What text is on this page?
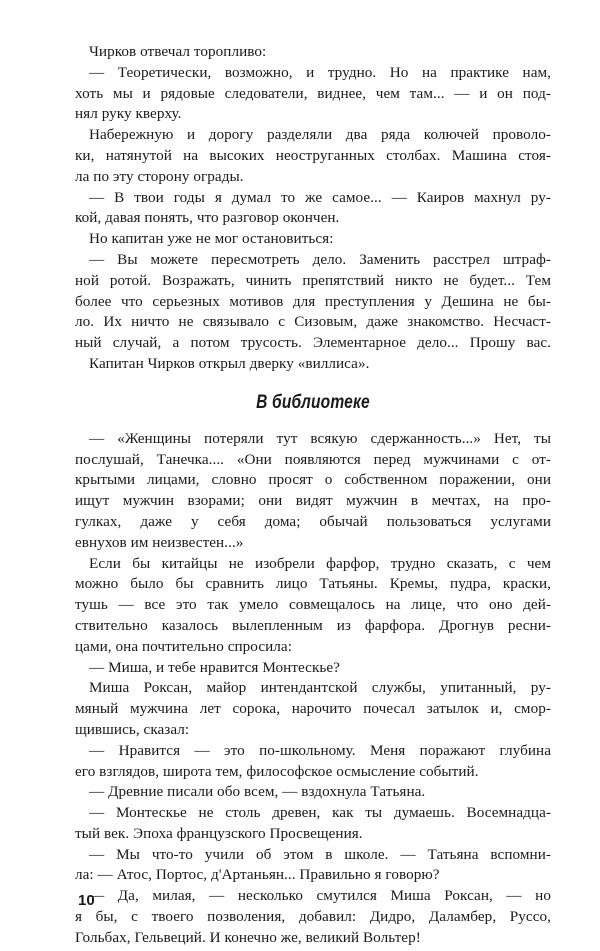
Чирков отвечал торопливо:
— Теоретически, возможно, и трудно. Но на практике нам,
хоть мы и рядовые следователи, виднее, чем там... — и он под-
нял руку кверху.
Набережную и дорогу разделяли два ряда колючей проволо-
ки, натянутой на высоких неоструганных столбах. Машина стоя-
ла по эту сторону ограды.
— В твои годы я думал то же самое... — Каиров махнул ру-
кой, давая понять, что разговор окончен.
Но капитан уже не мог остановиться:
— Вы можете пересмотреть дело. Заменить расстрел штраф-
ной ротой. Возражать, чинить препятствий никто не будет... Тем
более что серьезных мотивов для преступления у Дешина не бы-
ло. Их ничто не связывало с Сизовым, даже знакомство. Несчаст-
ный случай, а потом трусость. Элементарное дело... Прошу вас.
Капитан Чирков открыл дверку «виллиса».
В библиотеке
— «Женщины потеряли тут всякую сдержанность...» Нет, ты
послушай, Танечка.... «Они появляются перед мужчинами с от-
крытыми лицами, словно просят о собственном поражении, они
ищут мужчин взорами; они видят мужчин в мечтах, на про-
гулках, даже у себя дома; обычай пользоваться услугами
евнухов им неизвестен...»
Если бы китайцы не изобрели фарфор, трудно сказать, с чем
можно было бы сравнить лицо Татьяны. Кремы, пудра, краски,
тушь — все это так умело совмещалось на лице, что оно дей-
ствительно казалось вылепленным из фарфора. Дрогнув ресни-
цами, она почтительно спросила:
— Миша, и тебе нравится Монтескье?
Миша Роксан, майор интендантской службы, упитанный, ру-
мяный мужчина лет сорока, нарочито почесал затылок и, смор-
щившись, сказал:
— Нравится — это по-школьному. Меня поражают глубина
его взглядов, широта тем, философское осмысление событий.
— Древние писали обо всем, — вздохнула Татьяна.
— Монтескье не столь древен, как ты думаешь. Восемнадца-
тый век. Эпоха французского Просвещения.
— Мы что-то учили об этом в школе. — Татьяна вспомни-
ла: — Атос, Портос, д'Артаньян... Правильно я говорю?
— Да, милая, — несколько смутился Миша Роксан, — но
я бы, с твоего позволения, добавил: Дидро, Даламбер, Руссо,
Гольбах, Гельвеций. И конечно же, великий Вольтер!
10
